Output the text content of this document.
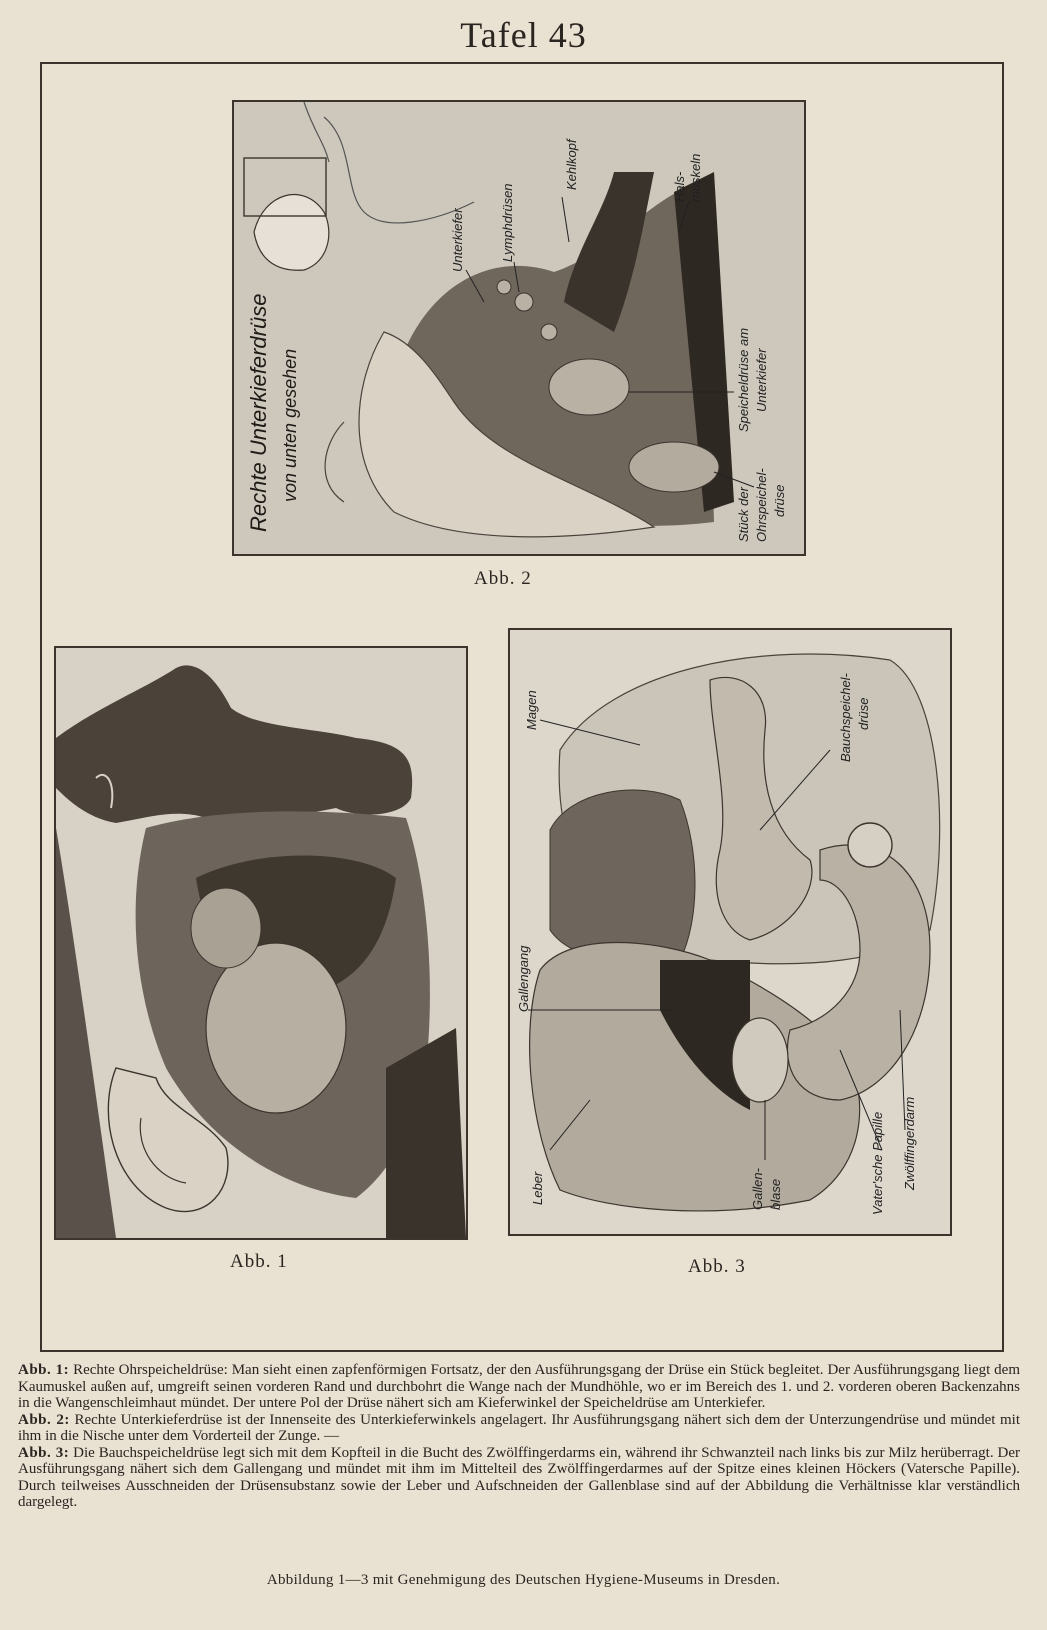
Tafel 43
Rechte Unterkieferdrüse von unten gesehen
Unterkiefer	Lymphdrüsen
Kehlkopf	Hals- muskeln
Speicheldrüse am Unterkiefer
Stück der Ohrspeichel- drüse
Abb. 2
Abb. 1
Magen	Bauchspeichel- drüse
Gallengang
Leber	Gallen- blase	Vater'sche Papille Zwölffingerdarm
Abb. 3

Abb. 1: Rechte Ohrspeicheldrüse: Man sieht einen zapfenförmigen Fortsatz, der den Ausführungsgang der Drüse ein Stück begleitet. Der Ausführungsgang liegt dem Kaumuskel außen auf, umgreift seinen vorderen Rand und durchbohrt die Wange nach der Mundhöhle, wo er im Bereich des 1. und 2. vorderen oberen Backenzahns in die Wangenschleimhaut mündet. Der untere Pol der Drüse nähert sich am Kieferwinkel der Speicheldrüse am Unterkiefer.

Abb. 2: Rechte Unterkieferdrüse ist der Innenseite des Unterkieferwinkels angelagert. Ihr Ausführungsgang nähert sich dem der Unterzungendrüse und mündet mit ihm in die Nische unter dem Vorderteil der Zunge. —

Abb. 3: Die Bauchspeicheldrüse legt sich mit dem Kopfteil in die Bucht des Zwölffingerdarms ein, während ihr Schwanzteil nach links bis zur Milz herüberragt. Der Ausführungsgang nähert sich dem Gallengang und mündet mit ihm im Mittelteil des Zwölffingerdarmes auf der Spitze eines kleinen Höckers (Vatersche Papille). Durch teilweises Ausschneiden der Drüsensubstanz sowie der Leber und Aufschneiden der Gallenblase sind auf der Abbildung die Verhältnisse klar verständlich dargelegt.

Abbildung 1—3 mit Genehmigung des Deutschen Hygiene-Museums in Dresden.
